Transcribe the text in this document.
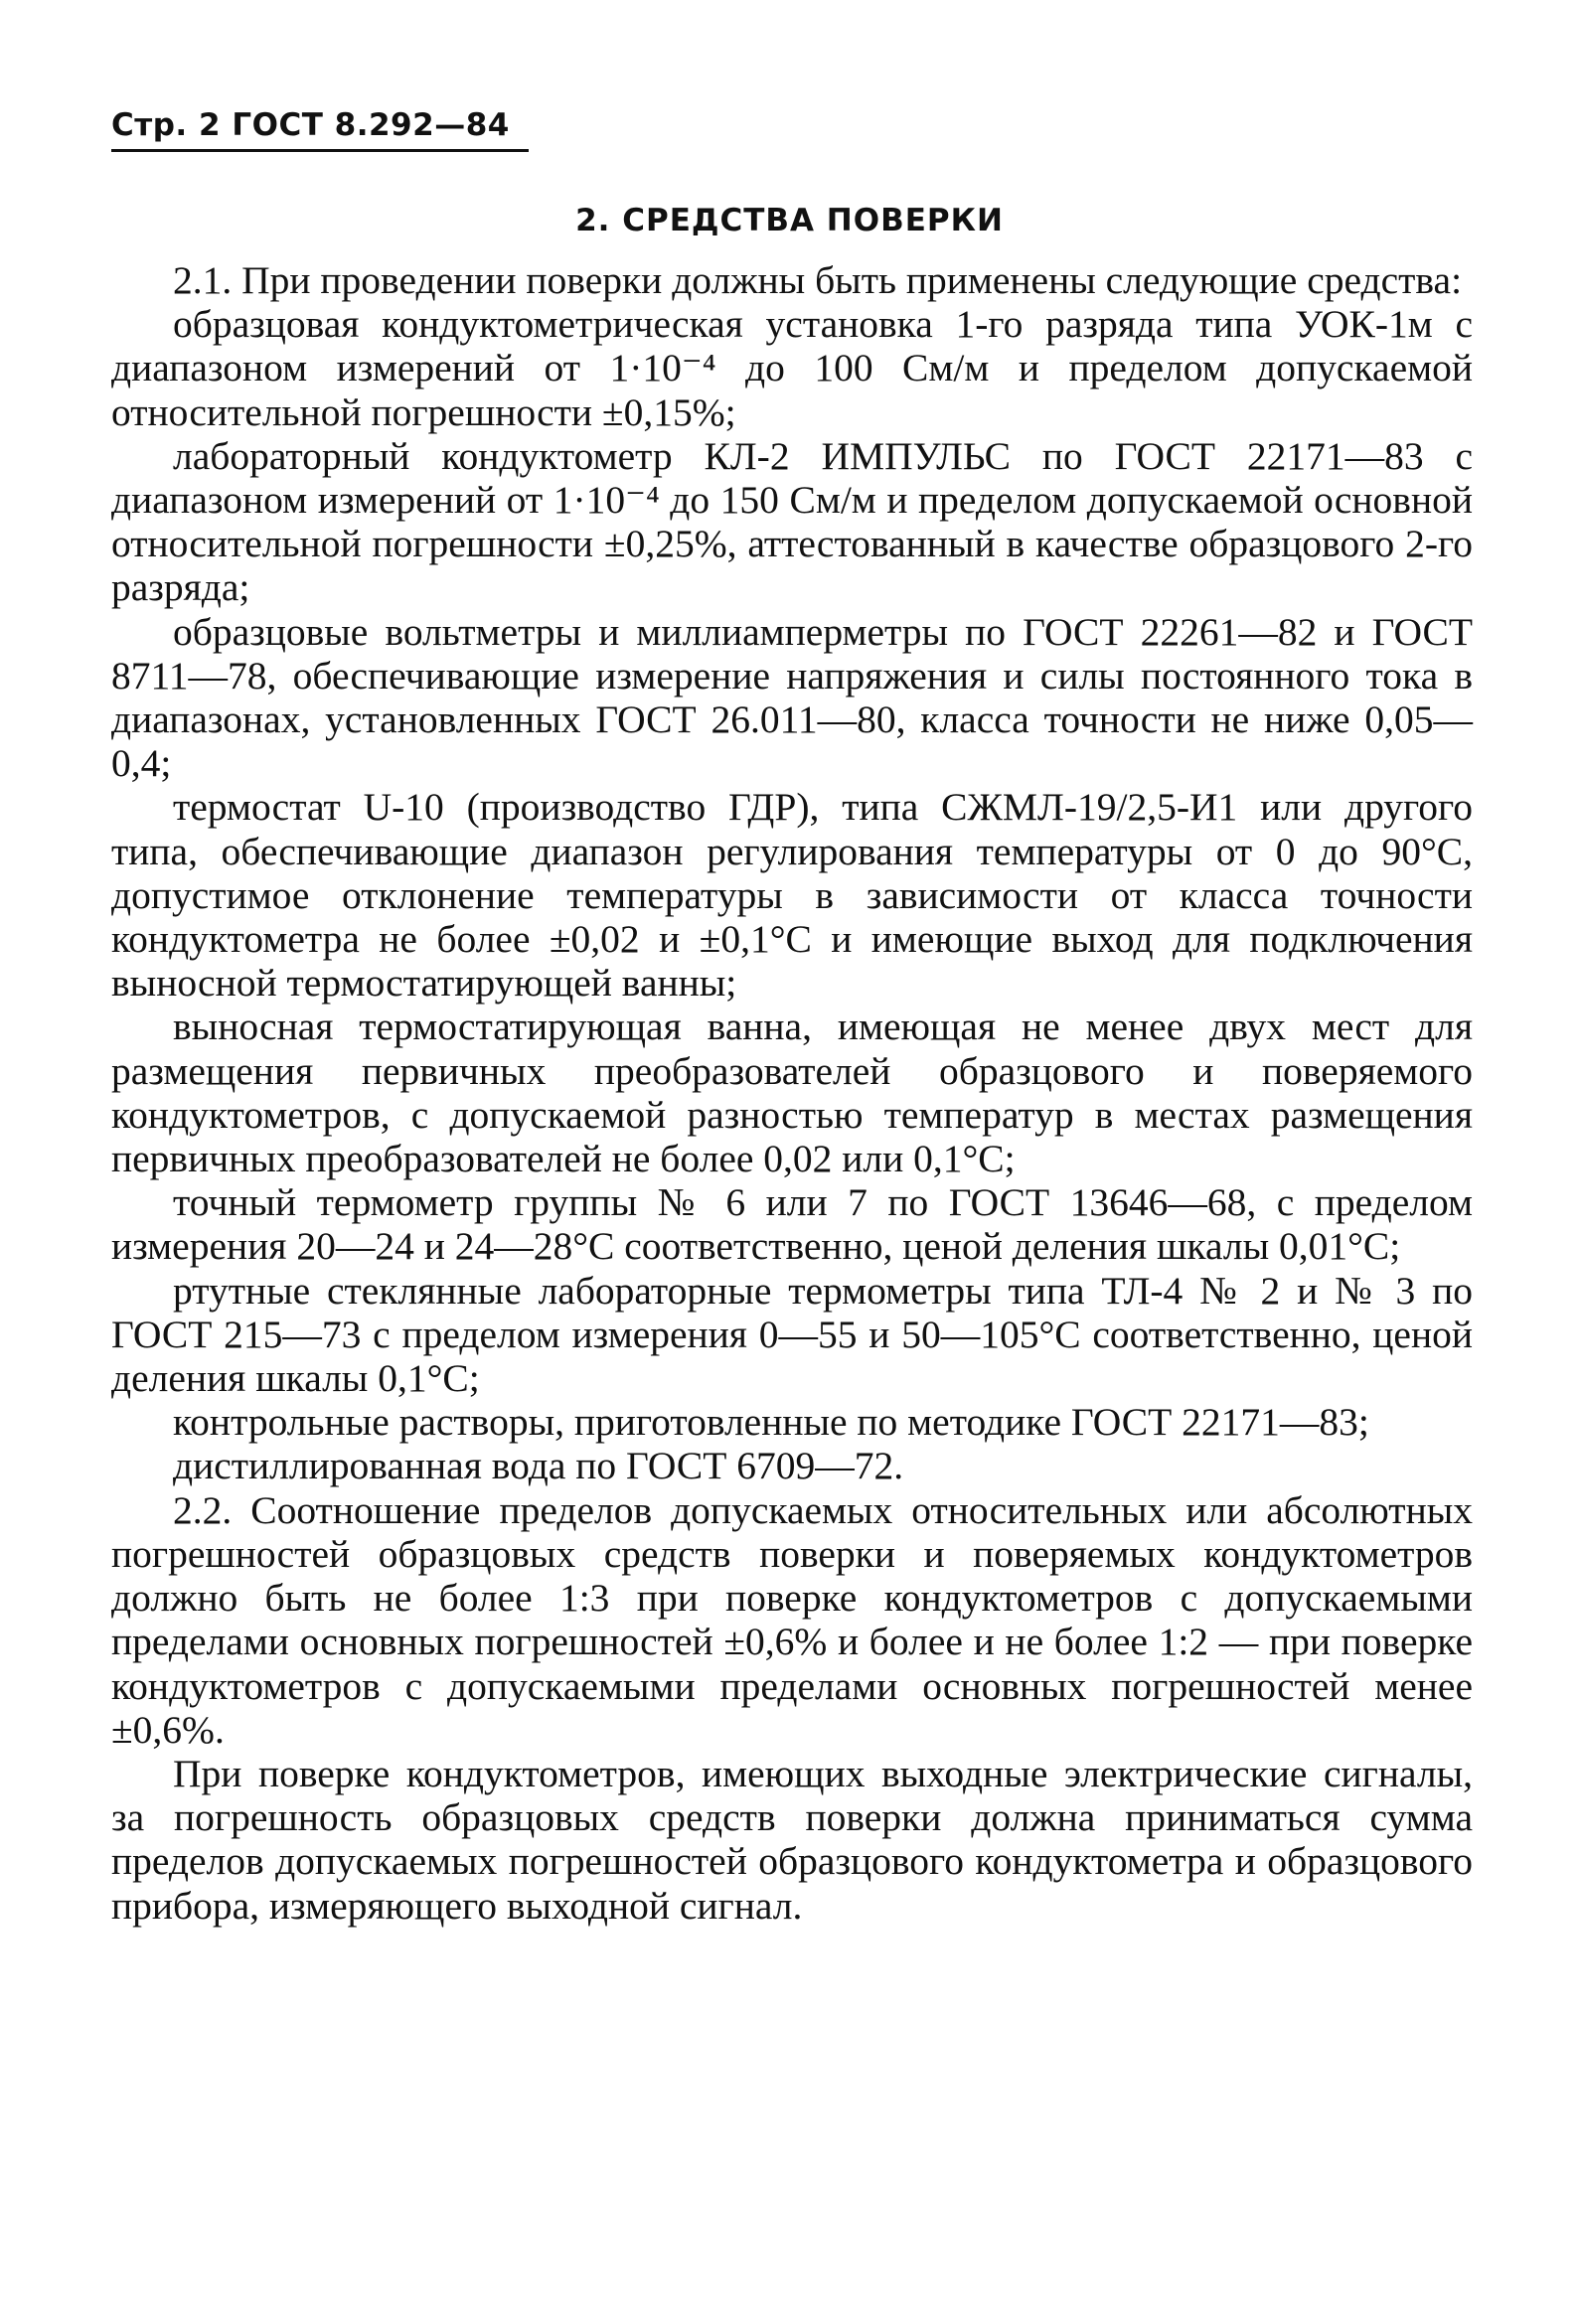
Стр. 2 ГОСТ 8.292—84
2. СРЕДСТВА ПОВЕРКИ

2.1. При проведении поверки должны быть применены следующие средства:

образцовая кондуктометрическая установка 1-го разряда типа УОК-1м с диапазоном измерений от 1·10⁻⁴ до 100 См/м и пределом допускаемой относительной погрешности ±0,15%;

лабораторный кондуктометр КЛ-2 ИМПУЛЬС по ГОСТ 22171—83 с диапазоном измерений от 1·10⁻⁴ до 150 См/м и пределом допускаемой основной относительной погрешности ±0,25%, аттестованный в качестве образцового 2-го разряда;

образцовые вольтметры и миллиамперметры по ГОСТ 22261—82 и ГОСТ 8711—78, обеспечивающие измерение напряжения и силы постоянного тока в диапазонах, установленных ГОСТ 26.011—80, класса точности не ниже 0,05—0,4;

термостат U-10 (производство ГДР), типа СЖМЛ-19/2,5-И1 или другого типа, обеспечивающие диапазон регулирования температуры от 0 до 90°С, допустимое отклонение температуры в зависимости от класса точности кондуктометра не более ±0,02 и ±0,1°С и имеющие выход для подключения выносной термостатирующей ванны;

выносная термостатирующая ванна, имеющая не менее двух мест для размещения первичных преобразователей образцового и поверяемого кондуктометров, с допускаемой разностью температур в местах размещения первичных преобразователей не более 0,02 или 0,1°С;

точный термометр группы № 6 или 7 по ГОСТ 13646—68, с пределом измерения 20—24 и 24—28°С соответственно, ценой деления шкалы 0,01°С;

ртутные стеклянные лабораторные термометры типа ТЛ-4 № 2 и № 3 по ГОСТ 215—73 с пределом измерения 0—55 и 50—105°С соответственно, ценой деления шкалы 0,1°С;

контрольные растворы, приготовленные по методике ГОСТ 22171—83;

дистиллированная вода по ГОСТ 6709—72.

2.2. Соотношение пределов допускаемых относительных или абсолютных погрешностей образцовых средств поверки и поверяемых кондуктометров должно быть не более 1:3 при поверке кондуктометров с допускаемыми пределами основных погрешностей ±0,6% и более и не более 1:2 — при поверке кондуктометров с допускаемыми пределами основных погрешностей менее ±0,6%.

При поверке кондуктометров, имеющих выходные электрические сигналы, за погрешность образцовых средств поверки должна приниматься сумма пределов допускаемых погрешностей образцового кондуктометра и образцового прибора, измеряющего выходной сигнал.
